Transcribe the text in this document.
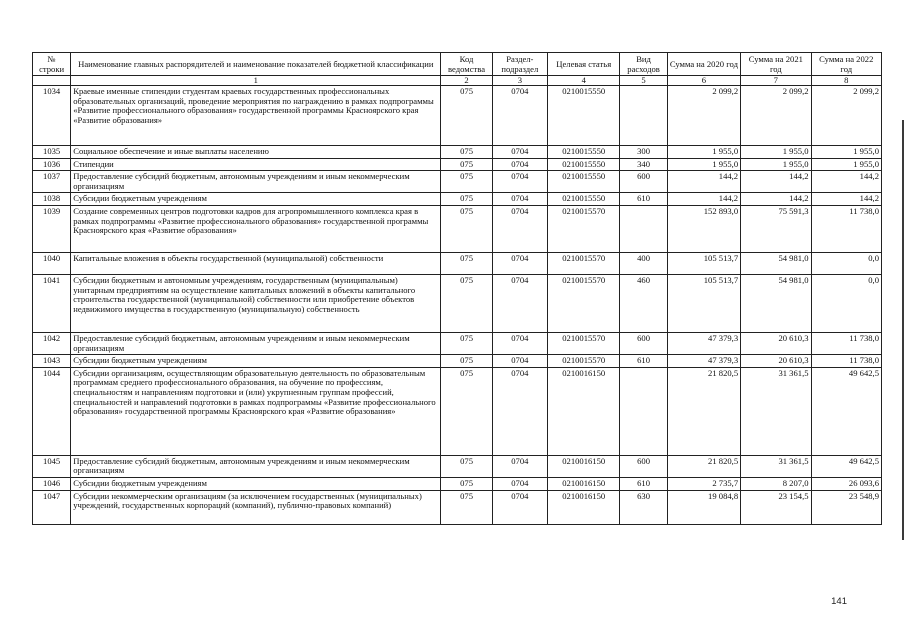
№ строки	Наименование главных распорядителей и наименование показателей бюджетной классификации	Код ведомства	Раздел-подраздел	Целевая статья	Вид расходов	Сумма на 2020 год	Сумма на 2021 год	Сумма на 2022 год
	1	2	3	4	5	6	7	8
1034	Краевые именные стипендии студентам краевых государственных профессиональных образовательных организаций, проведение мероприятия по награждению в рамках подпрограммы «Развитие профессионального образования» государственной программы Красноярского края «Развитие образования»	075	0704	0210015550		2 099,2	2 099,2	2 099,2
1035	Социальное обеспечение и иные выплаты населению	075	0704	0210015550	300	1 955,0	1 955,0	1 955,0
1036	Стипендии	075	0704	0210015550	340	1 955,0	1 955,0	1 955,0
1037	Предоставление субсидий бюджетным, автономным учреждениям и иным некоммерческим организациям	075	0704	0210015550	600	144,2	144,2	144,2
1038	Субсидии бюджетным учреждениям	075	0704	0210015550	610	144,2	144,2	144,2
1039	Создание современных центров подготовки кадров для агропромышленного комплекса края в рамках подпрограммы «Развитие профессионального образования» государственной программы Красноярского края «Развитие образования»	075	0704	0210015570		152 893,0	75 591,3	11 738,0
1040	Капитальные вложения в объекты государственной (муниципальной) собственности	075	0704	0210015570	400	105 513,7	54 981,0	0,0
1041	Субсидии бюджетным и автономным учреждениям, государственным (муниципальным) унитарным предприятиям на осуществление капитальных вложений в объекты капитального строительства государственной (муниципальной) собственности или приобретение объектов недвижимого имущества в государственную (муниципальную) собственность	075	0704	0210015570	460	105 513,7	54 981,0	0,0
1042	Предоставление субсидий бюджетным, автономным учреждениям и иным некоммерческим организациям	075	0704	0210015570	600	47 379,3	20 610,3	11 738,0
1043	Субсидии бюджетным учреждениям	075	0704	0210015570	610	47 379,3	20 610,3	11 738,0
1044	Субсидии организациям, осуществляющим образовательную деятельность по образовательным программам среднего профессионального образования, на обучение по профессиям, специальностям и направлениям подготовки и (или) укрупненным группам профессий, специальностей и направлений подготовки в рамках подпрограммы «Развитие профессионального образования» государственной программы Красноярского края «Развитие образования»	075	0704	0210016150		21 820,5	31 361,5	49 642,5
1045	Предоставление субсидий бюджетным, автономным учреждениям и иным некоммерческим организациям	075	0704	0210016150	600	21 820,5	31 361,5	49 642,5
1046	Субсидии бюджетным учреждениям	075	0704	0210016150	610	2 735,7	8 207,0	26 093,6
1047	Субсидии некоммерческим организациям (за исключением государственных (муниципальных) учреждений, государственных корпораций (компаний), публично-правовых компаний)	075	0704	0210016150	630	19 084,8	23 154,5	23 548,9
141
